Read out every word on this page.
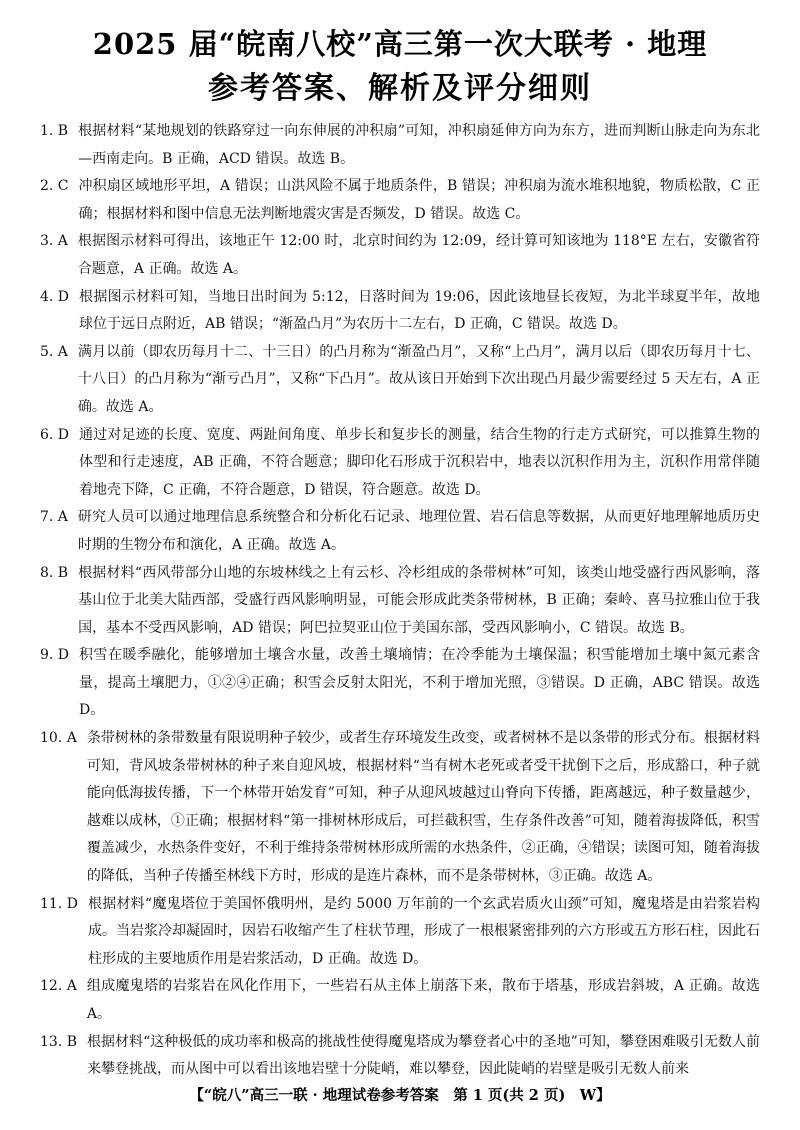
2025 届“皖南八校”高三第一次大联考 · 地理
参考答案、解析及评分细则
1. B 根据材料“某地规划的铁路穿过一向东伸展的冲积扇”可知，冲积扇延伸方向为东方，进而判断山脉走向为东北—西南走向。B 正确，ACD 错误。故选 B。
2. C 冲积扇区域地形平坦，A 错误；山洪风险不属于地质条件，B 错误；冲积扇为流水堆积地貌，物质松散，C 正确；根据材料和图中信息无法判断地震灾害是否频发，D 错误。故选 C。
3. A 根据图示材料可得出，该地正午 12:00 时，北京时间约为 12:09，经计算可知该地为 118°E 左右，安徽省符合题意，A 正确。故选 A。
4. D 根据图示材料可知，当地日出时间为 5:12，日落时间为 19:06，因此该地昼长夜短，为北半球夏半年，故地球位于远日点附近，AB 错误；“渐盈凸月”为农历十二左右，D 正确，C 错误。故选 D。
5. A 满月以前（即农历每月十二、十三日）的凸月称为“渐盈凸月”，又称“上凸月”，满月以后（即农历每月十七、十八日）的凸月称为“渐亏凸月”，又称“下凸月”。故从该日开始到下次出现凸月最少需要经过 5 天左右，A 正确。故选 A。
6. D 通过对足迹的长度、宽度、两趾间角度、单步长和复步长的测量，结合生物的行走方式研究，可以推算生物的体型和行走速度，AB 正确，不符合题意；脚印化石形成于沉积岩中，地表以沉积作用为主，沉积作用常伴随着地壳下降，C 正确，不符合题意，D 错误，符合题意。故选 D。
7. A 研究人员可以通过地理信息系统整合和分析化石记录、地理位置、岩石信息等数据，从而更好地理解地质历史时期的生物分布和演化，A 正确。故选 A。
8. B 根据材料“西风带部分山地的东坡林线之上有云杉、冷杉组成的条带树林”可知，该类山地受盛行西风影响，落基山位于北美大陆西部，受盛行西风影响明显，可能会形成此类条带树林，B 正确；秦岭、喜马拉雅山位于我国，基本不受西风影响，AD 错误；阿巴拉契亚山位于美国东部，受西风影响小，C 错误。故选 B。
9. D 积雪在暖季融化，能够增加土壤含水量，改善土壤墒情；在冷季能为土壤保温；积雪能增加土壤中氮元素含量，提高土壤肥力，①②④正确；积雪会反射太阳光，不利于增加光照，③错误。D 正确，ABC 错误。故选 D。
10. A 条带树林的条带数量有限说明种子较少，或者生存环境发生改变，或者树林不是以条带的形式分布。根据材料可知，背风坡条带树林的种子来自迎风坡，根据材料“当有树木老死或者受干扰倒下之后，形成豁口，种子就能向低海拔传播，下一个林带开始发育”可知，种子从迎风坡越过山脊向下传播，距离越远，种子数量越少，越难以成林，①正确；根据材料“第一排树林形成后，可拦截积雪，生存条件改善”可知，随着海拔降低，积雪覆盖减少，水热条件变好，不利于维持条带树林形成所需的水热条件，②正确，④错误；读图可知，随着海拔的降低，当种子传播至林线下方时，形成的是连片森林，而不是条带树林，③正确。故选 A。
11. D 根据材料“魔鬼塔位于美国怀俄明州，是约 5000 万年前的一个玄武岩质火山颈”可知，魔鬼塔是由岩浆岩构成。当岩浆冷却凝固时，因岩石收缩产生了柱状节理，形成了一根根紧密排列的六方形或五方形石柱，因此石柱形成的主要地质作用是岩浆活动，D 正确。故选 D。
12. A 组成魔鬼塔的岩浆岩在风化作用下，一些岩石从主体上崩落下来，散布于塔基，形成岩斜坡，A 正确。故选 A。
13. B 根据材料“这种极低的成功率和极高的挑战性使得魔鬼塔成为攀登者心中的圣地”可知，攀登困难吸引无数人前来攀登挑战，而从图中可以看出该地岩壁十分陡峭，难以攀登，因此陡峭的岩壁是吸引无数人前来
【“皖八”高三一联 · 地理试卷参考答案　第 1 页(共 2 页)　W】
